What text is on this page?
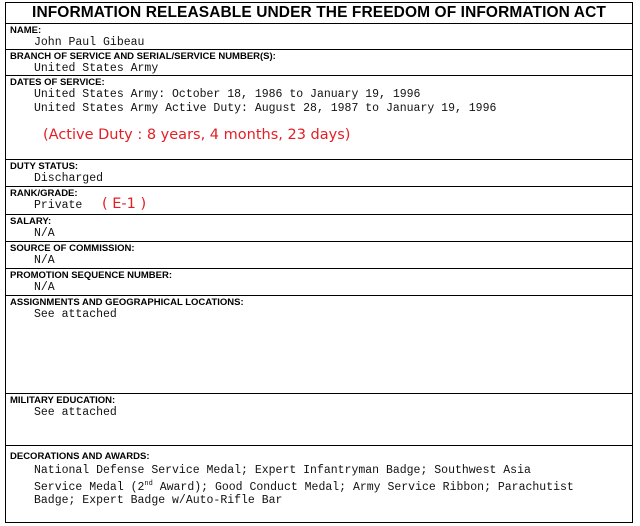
INFORMATION RELEASABLE UNDER THE FREEDOM OF INFORMATION ACT
NAME:
John Paul Gibeau
BRANCH OF SERVICE AND SERIAL/SERVICE NUMBER(S):
United States Army
DATES OF SERVICE:
United States Army: October 18, 1986 to January 19, 1996
United States Army Active Duty: August 28, 1987 to January 19, 1996
(Active Duty : 8 years, 4 months, 23 days)
DUTY STATUS:
Discharged
RANK/GRADE:
Private	( E-1 )
SALARY:
N/A
SOURCE OF COMMISSION:
N/A
PROMOTION SEQUENCE NUMBER:
N/A
ASSIGNMENTS AND GEOGRAPHICAL LOCATIONS:
See attached
MILITARY EDUCATION:
See attached
DECORATIONS AND AWARDS:
National Defense Service Medal; Expert Infantryman Badge; Southwest Asia
Service Medal (2nd Award); Good Conduct Medal; Army Service Ribbon; Parachutist
Badge; Expert Badge w/Auto-Rifle Bar
